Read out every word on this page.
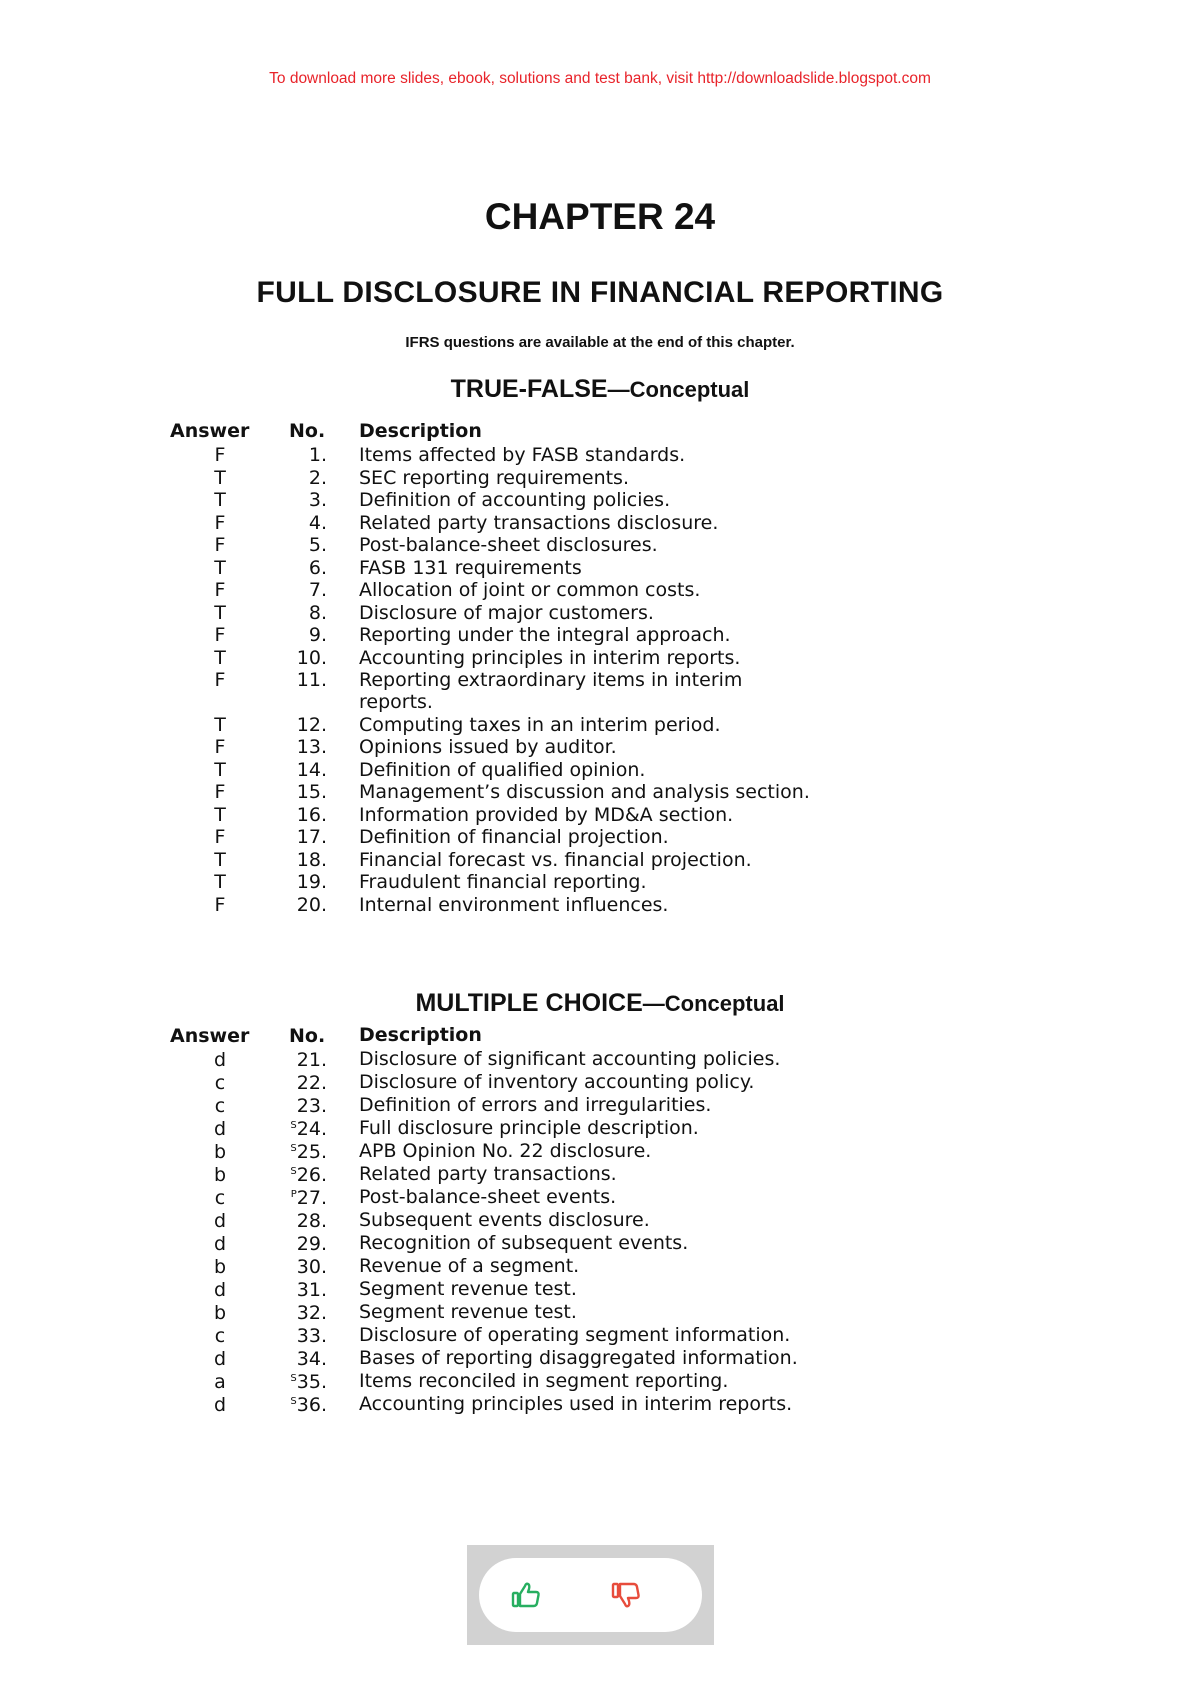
To download more slides, ebook, solutions and test bank, visit http://downloadslide.blogspot.com
CHAPTER 24
FULL DISCLOSURE IN FINANCIAL REPORTING
IFRS questions are available at the end of this chapter.
TRUE-FALSE—Conceptual
Answer	No.	Description
F	1. Items affected by FASB standards.
T	2. SEC reporting requirements.
T	3. Definition of accounting policies.
F	4. Related party transactions disclosure.
F	5. Post-balance-sheet disclosures.
T	6. FASB 131 requirements
F	7. Allocation of joint or common costs.
T	8. Disclosure of major customers.
F	9. Reporting under the integral approach.
T	10. Accounting principles in interim reports.
F	11. Reporting extraordinary items in interim reports.
T	12. Computing taxes in an interim period.
F	13. Opinions issued by auditor.
T	14. Definition of qualified opinion.
F	15. Management’s discussion and analysis section.
T	16. Information provided by MD&A section.
F	17. Definition of financial projection.
T	18. Financial forecast vs. financial projection.
T	19. Fraudulent financial reporting.
F	20. Internal environment influences.
MULTIPLE CHOICE—Conceptual
Answer	No.	Description
d	21. Disclosure of significant accounting policies.
c	22. Disclosure of inventory accounting policy.
c	23. Definition of errors and irregularities.
d	$^S$24. Full disclosure principle description.
b	$^S$25. APB Opinion No. 22 disclosure.
b	$^S$26. Related party transactions.
c	$^P$27. Post-balance-sheet events.
d	28. Subsequent events disclosure.
d	29. Recognition of subsequent events.
b	30. Revenue of a segment.
d	31. Segment revenue test.
b	32. Segment revenue test.
c	33. Disclosure of operating segment information.
d	34. Bases of reporting disaggregated information.
a	$^S$35. Items reconciled in segment reporting.
d	$^S$36. Accounting principles used in interim reports.
